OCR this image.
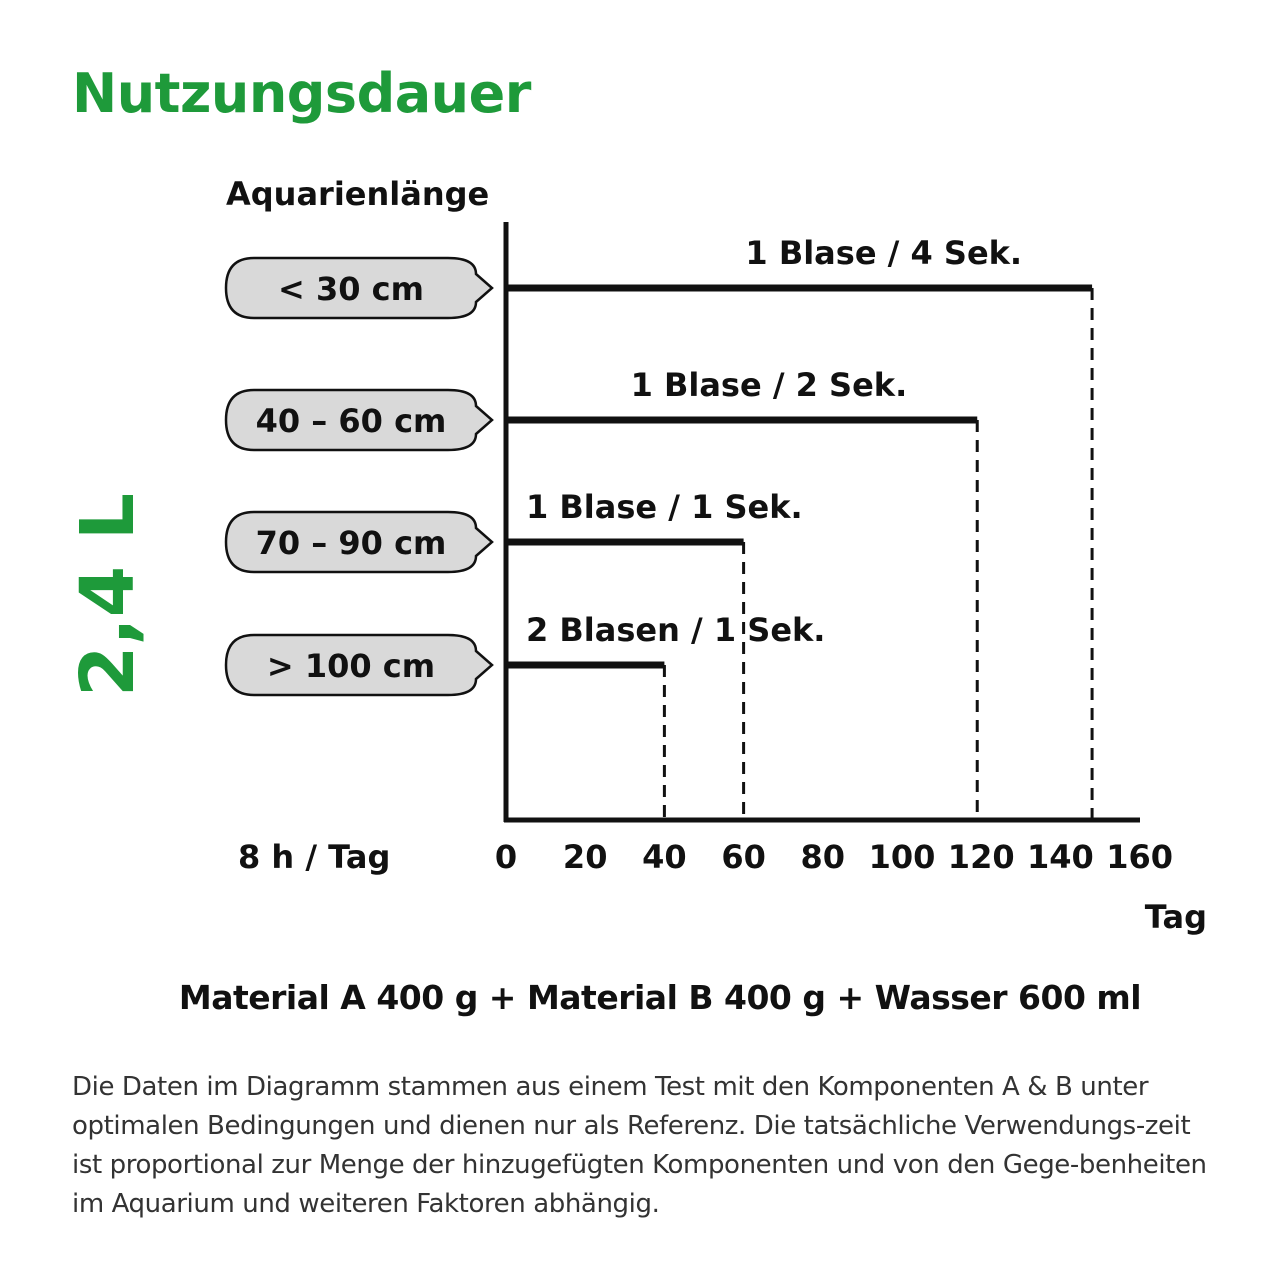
Nutzungsdauer
Aquarienlänge
2,4 L
< 30 cm
40 – 60 cm
70 – 90 cm
> 100 cm
1 Blase / 4 Sek.
1 Blase / 2 Sek.
1 Blase / 1 Sek.
2 Blasen / 1 Sek.
0 20 40 60 80 100 120 140 160
8 h / Tag
Tag
Material A 400 g + Material B 400 g + Wasser 600 ml

Die Daten im Diagramm stammen aus einem Test mit den Komponenten A & B unter optimalen Bedingungen und dienen nur als Referenz. Die tatsächliche Verwendungs-zeit ist proportional zur Menge der hinzugefügten Komponenten und von den Gege-benheiten im Aquarium und weiteren Faktoren abhängig.
